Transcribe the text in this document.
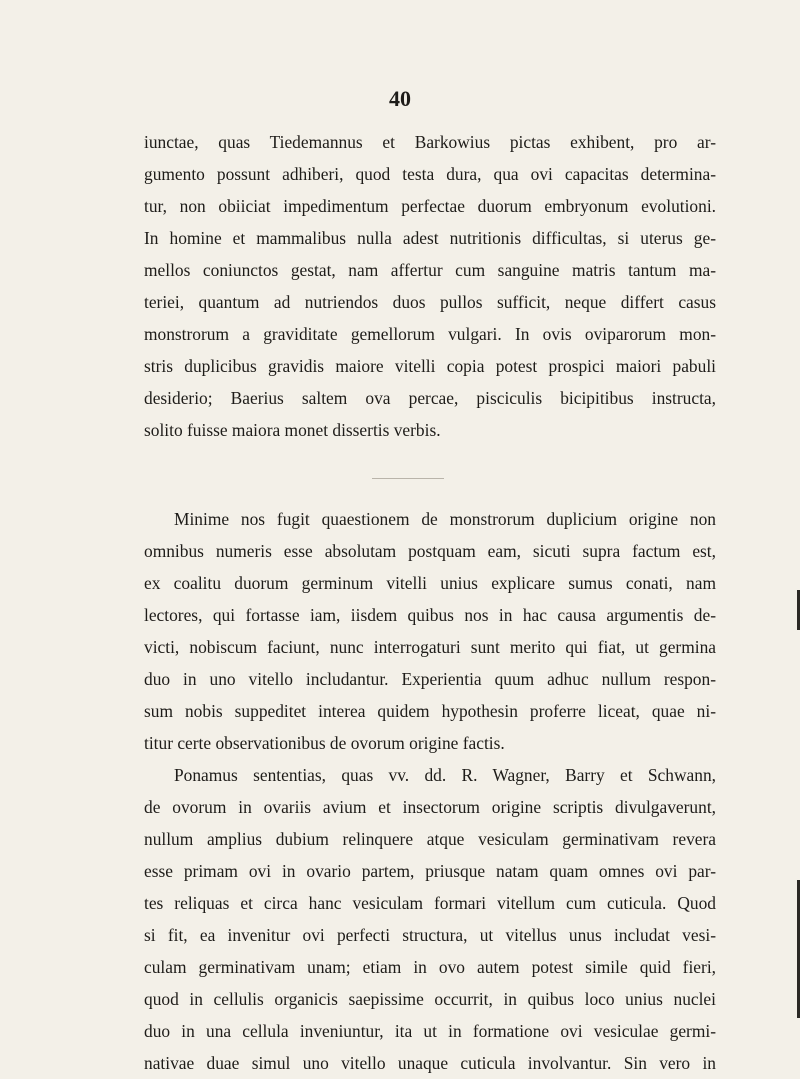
40
iunctae, quas Tiedemannus et Barkowius pictas exhibent, pro ar-
gumento possunt adhiberi, quod testa dura, qua ovi capacitas determina-
tur, non obiiciat impedimentum perfectae duorum embryonum evolutioni.
In homine et mammalibus nulla adest nutritionis difficultas, si uterus ge-
mellos coniunctos gestat, nam affertur cum sanguine matris tantum ma-
teriei, quantum ad nutriendos duos pullos sufficit, neque differt casus
monstrorum a graviditate gemellorum vulgari. In ovis oviparorum mon-
stris duplicibus gravidis maiore vitelli copia potest prospici maiori pabuli
desiderio; Baerius saltem ova percae, pisciculis bicipitibus instructa,
solito fuisse maiora monet dissertis verbis.
Minime nos fugit quaestionem de monstrorum duplicium origine non
omnibus numeris esse absolutam postquam eam, sicuti supra factum est,
ex coalitu duorum germinum vitelli unius explicare sumus conati, nam
lectores, qui fortasse iam, iisdem quibus nos in hac causa argumentis de-
victi, nobiscum faciunt, nunc interrogaturi sunt merito qui fiat, ut germina
duo in uno vitello includantur. Experientia quum adhuc nullum respon-
sum nobis suppeditet interea quidem hypothesin proferre liceat, quae ni-
titur certe observationibus de ovorum origine factis.
Ponamus sententias, quas vv. dd. R. Wagner, Barry et Schwann,
de ovorum in ovariis avium et insectorum origine scriptis divulgaverunt,
nullum amplius dubium relinquere atque vesiculam germinativam revera
esse primam ovi in ovario partem, priusque natam quam omnes ovi par-
tes reliquas et circa hanc vesiculam formari vitellum cum cuticula. Quod
si fit, ea invenitur ovi perfecti structura, ut vitellus unus includat vesi-
culam germinativam unam; etiam in ovo autem potest simile quid fieri,
quod in cellulis organicis saepissime occurrit, in quibus loco unius nuclei
duo in una cellula inveniuntur, ita ut in formatione ovi vesiculae germi-
nativae duae simul uno vitello unaque cuticula involvantur. Sin vero in
